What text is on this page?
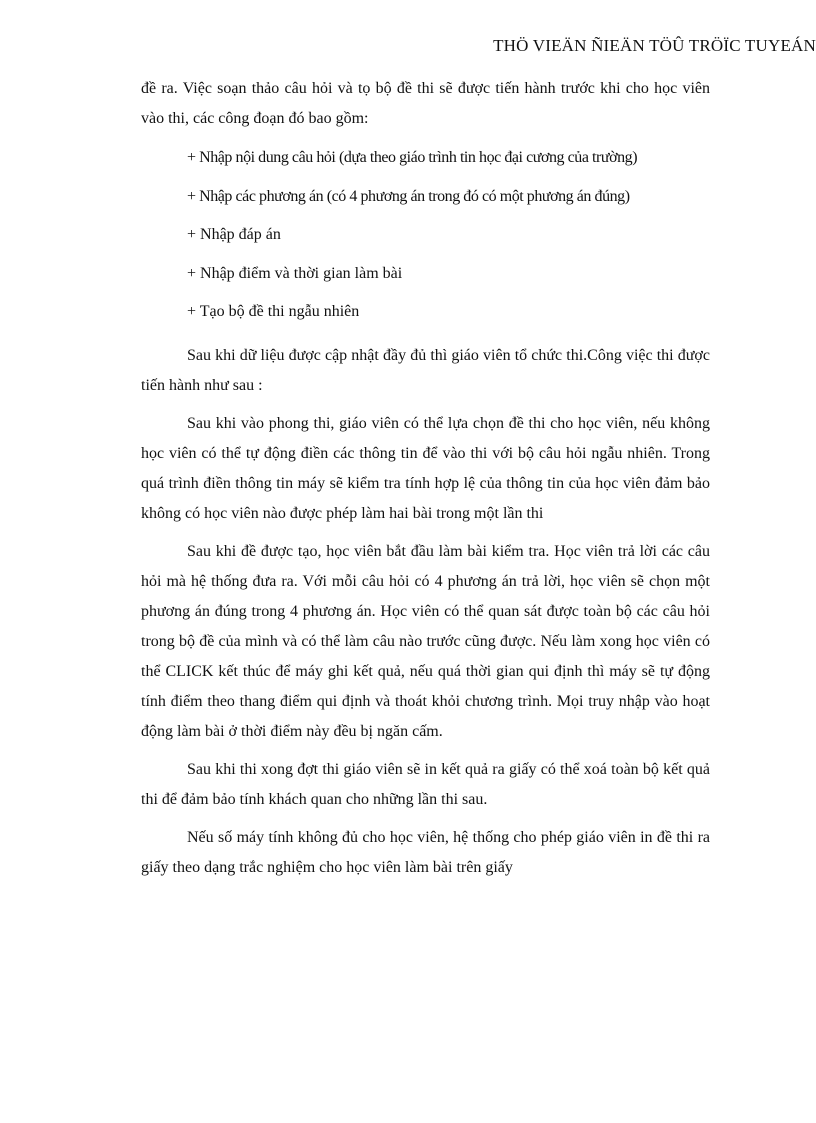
THÖ VIEÄN ÑIEÄN TÖÛ TRÖÏC TUYEÁN

đề ra. Việc soạn thảo câu hỏi và tọ bộ đề thi sẽ được tiến hành trước khi cho học viên vào thi, các công đoạn đó bao gồm:

+ Nhập nội dung câu hỏi (dựa theo giáo trình tin học đại cương của trường)
+ Nhập các phương án (có 4 phương án trong đó có một phương án đúng)
+ Nhập đáp án
+ Nhập điểm và thời gian làm bài
+ Tạo bộ đề thi ngẫu nhiên

Sau khi dữ liệu được cập nhật đầy đủ thì giáo viên tổ chức thi.Công việc thi được tiến hành như sau :

Sau khi vào phong thi, giáo viên có thể lựa chọn đề thi cho học viên, nếu không học viên có thể tự động điền các thông tin để vào thi với bộ câu hỏi ngẫu nhiên. Trong quá trình điền thông tin máy sẽ kiểm tra tính hợp lệ của thông tin của học viên đảm bảo không có học viên nào được phép làm hai bài trong một lần thi

Sau khi đề được tạo, học viên bắt đầu làm bài kiểm tra. Học viên trả lời các câu hỏi mà hệ thống đưa ra. Với mỗi câu hỏi có 4 phương án trả lời, học viên sẽ chọn một phương án đúng trong 4 phương án. Học viên có thể quan sát được toàn bộ các câu hỏi trong bộ đề của mình và có thể làm câu nào trước cũng được. Nếu làm xong học viên có thể CLICK kết thúc để máy ghi kết quả, nếu quá thời gian qui định thì máy sẽ tự động tính điểm theo thang điểm qui định và thoát khỏi chương trình. Mọi truy nhập vào hoạt động làm bài ở thời điểm này đều bị ngăn cấm.

Sau khi thi xong đợt thi giáo viên sẽ in kết quả ra giấy có thể xoá toàn bộ kết quả thi để đảm bảo tính khách quan cho những lần thi sau.

Nếu số máy tính không đủ cho học viên, hệ thống cho phép giáo viên in đề thi ra giấy theo dạng trắc nghiệm cho học viên làm bài trên giấy
